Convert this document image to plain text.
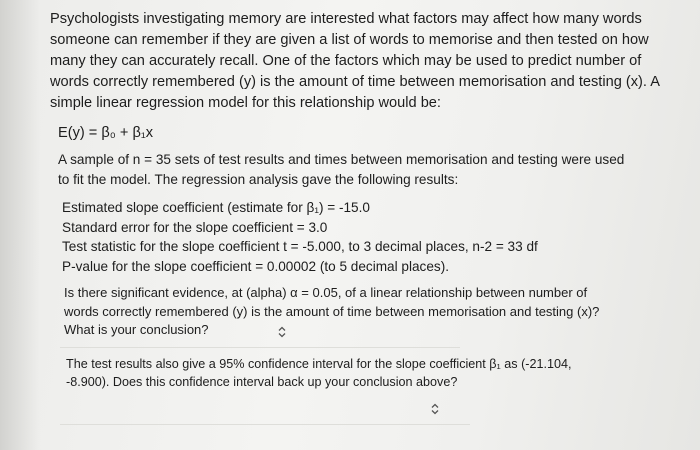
Psychologists investigating memory are interested what factors may affect how many words
someone can remember if they are given a list of words to memorise and then tested on how
many they can accurately recall. One of the factors which may be used to predict number of
words correctly remembered (y) is the amount of time between memorisation and testing (x). A
simple linear regression model for this relationship would be:
E(y) = β₀ + β₁x
A sample of n = 35 sets of test results and times between memorisation and testing were used
to fit the model. The regression analysis gave the following results:
Estimated slope coefficient (estimate for β₁) = -15.0
Standard error for the slope coefficient = 3.0
Test statistic for the slope coefficient t = -5.000, to 3 decimal places, n-2 = 33 df
P-value for the slope coefficient = 0.00002 (to 5 decimal places).
Is there significant evidence, at (alpha) α = 0.05, of a linear relationship between number of
words correctly remembered (y) is the amount of time between memorisation and testing (x)?
What is your conclusion?
The test results also give a 95% confidence interval for the slope coefficient β₁ as (-21.104,
-8.900). Does this confidence interval back up your conclusion above?
